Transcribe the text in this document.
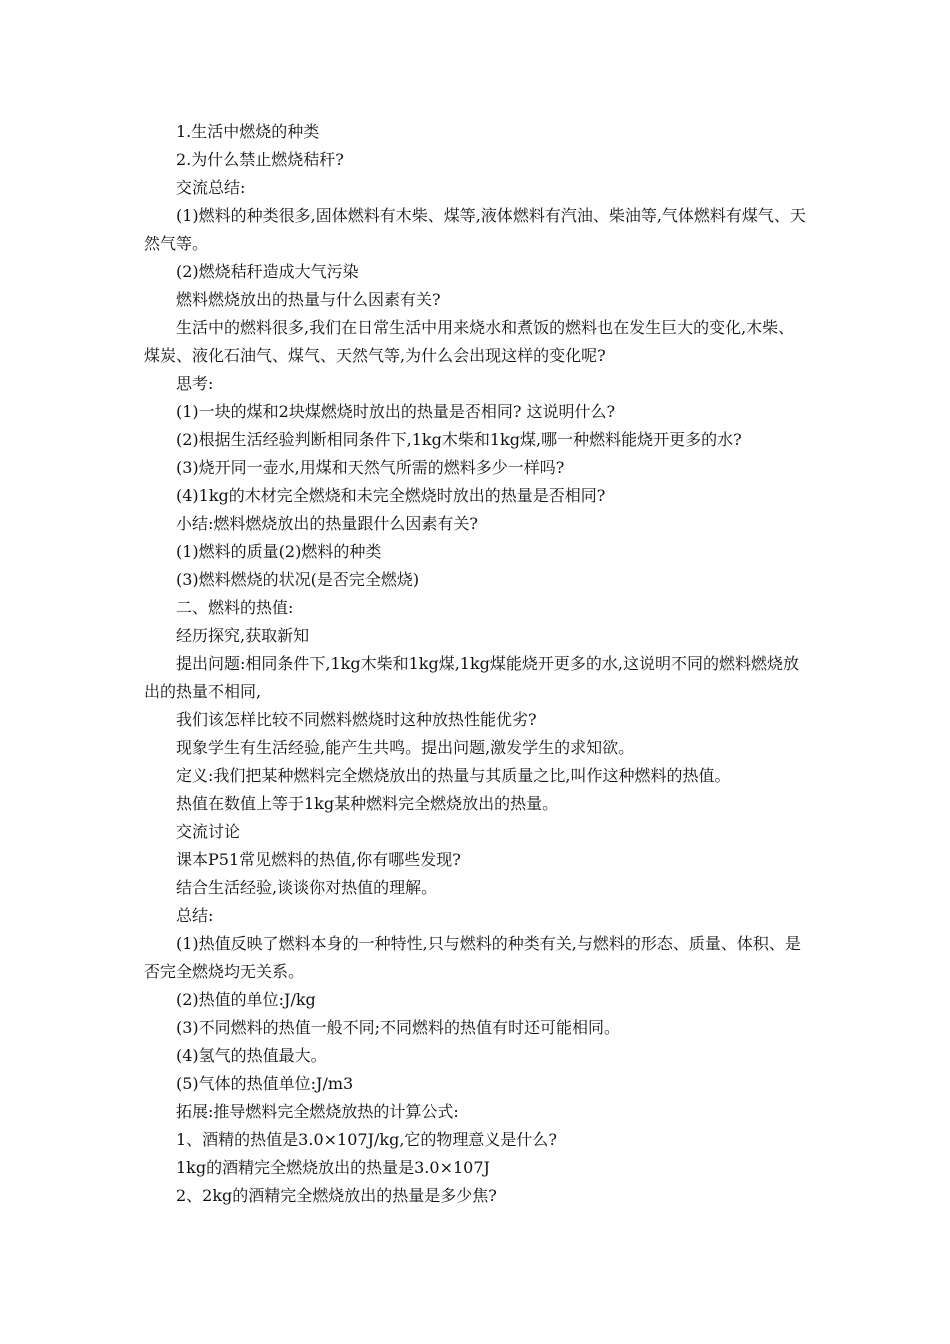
1.生活中燃烧的种类

2.为什么禁止燃烧秸秆?

交流总结:

(1)燃料的种类很多,固体燃料有木柴、煤等,液体燃料有汽油、柴油等,气体燃料有煤气、天然气等。

(2)燃烧秸秆造成大气污染

燃料燃烧放出的热量与什么因素有关?

生活中的燃料很多,我们在日常生活中用来烧水和煮饭的燃料也在发生巨大的变化,木柴、煤炭、液化石油气、煤气、天然气等,为什么会出现这样的变化呢?

思考:

(1)一块的煤和2块煤燃烧时放出的热量是否相同? 这说明什么?

(2)根据生活经验判断相同条件下,1kg木柴和1kg煤,哪一种燃料能烧开更多的水?

(3)烧开同一壶水,用煤和天然气所需的燃料多少一样吗?

(4)1kg的木材完全燃烧和未完全燃烧时放出的热量是否相同?

小结:燃料燃烧放出的热量跟什么因素有关?

(1)燃料的质量(2)燃料的种类

(3)燃料燃烧的状况(是否完全燃烧)

二、燃料的热值:

经历探究,获取新知

提出问题:相同条件下,1kg木柴和1kg煤,1kg煤能烧开更多的水,这说明不同的燃料燃烧放出的热量不相同,

我们该怎样比较不同燃料燃烧时这种放热性能优劣?

现象学生有生活经验,能产生共鸣。提出问题,激发学生的求知欲。

定义:我们把某种燃料完全燃烧放出的热量与其质量之比,叫作这种燃料的热值。

热值在数值上等于1kg某种燃料完全燃烧放出的热量。

交流讨论

课本P51常见燃料的热值,你有哪些发现?

结合生活经验,谈谈你对热值的理解。

总结:

(1)热值反映了燃料本身的一种特性,只与燃料的种类有关,与燃料的形态、质量、体积、是否完全燃烧均无关系。

(2)热值的单位:J/kg

(3)不同燃料的热值一般不同;不同燃料的热值有时还可能相同。

(4)氢气的热值最大。

(5)气体的热值单位:J/m3

拓展:推导燃料完全燃烧放热的计算公式:

1、酒精的热值是3.0×107J/kg,它的物理意义是什么?

1kg的酒精完全燃烧放出的热量是3.0×107J

2、2kg的酒精完全燃烧放出的热量是多少焦?
